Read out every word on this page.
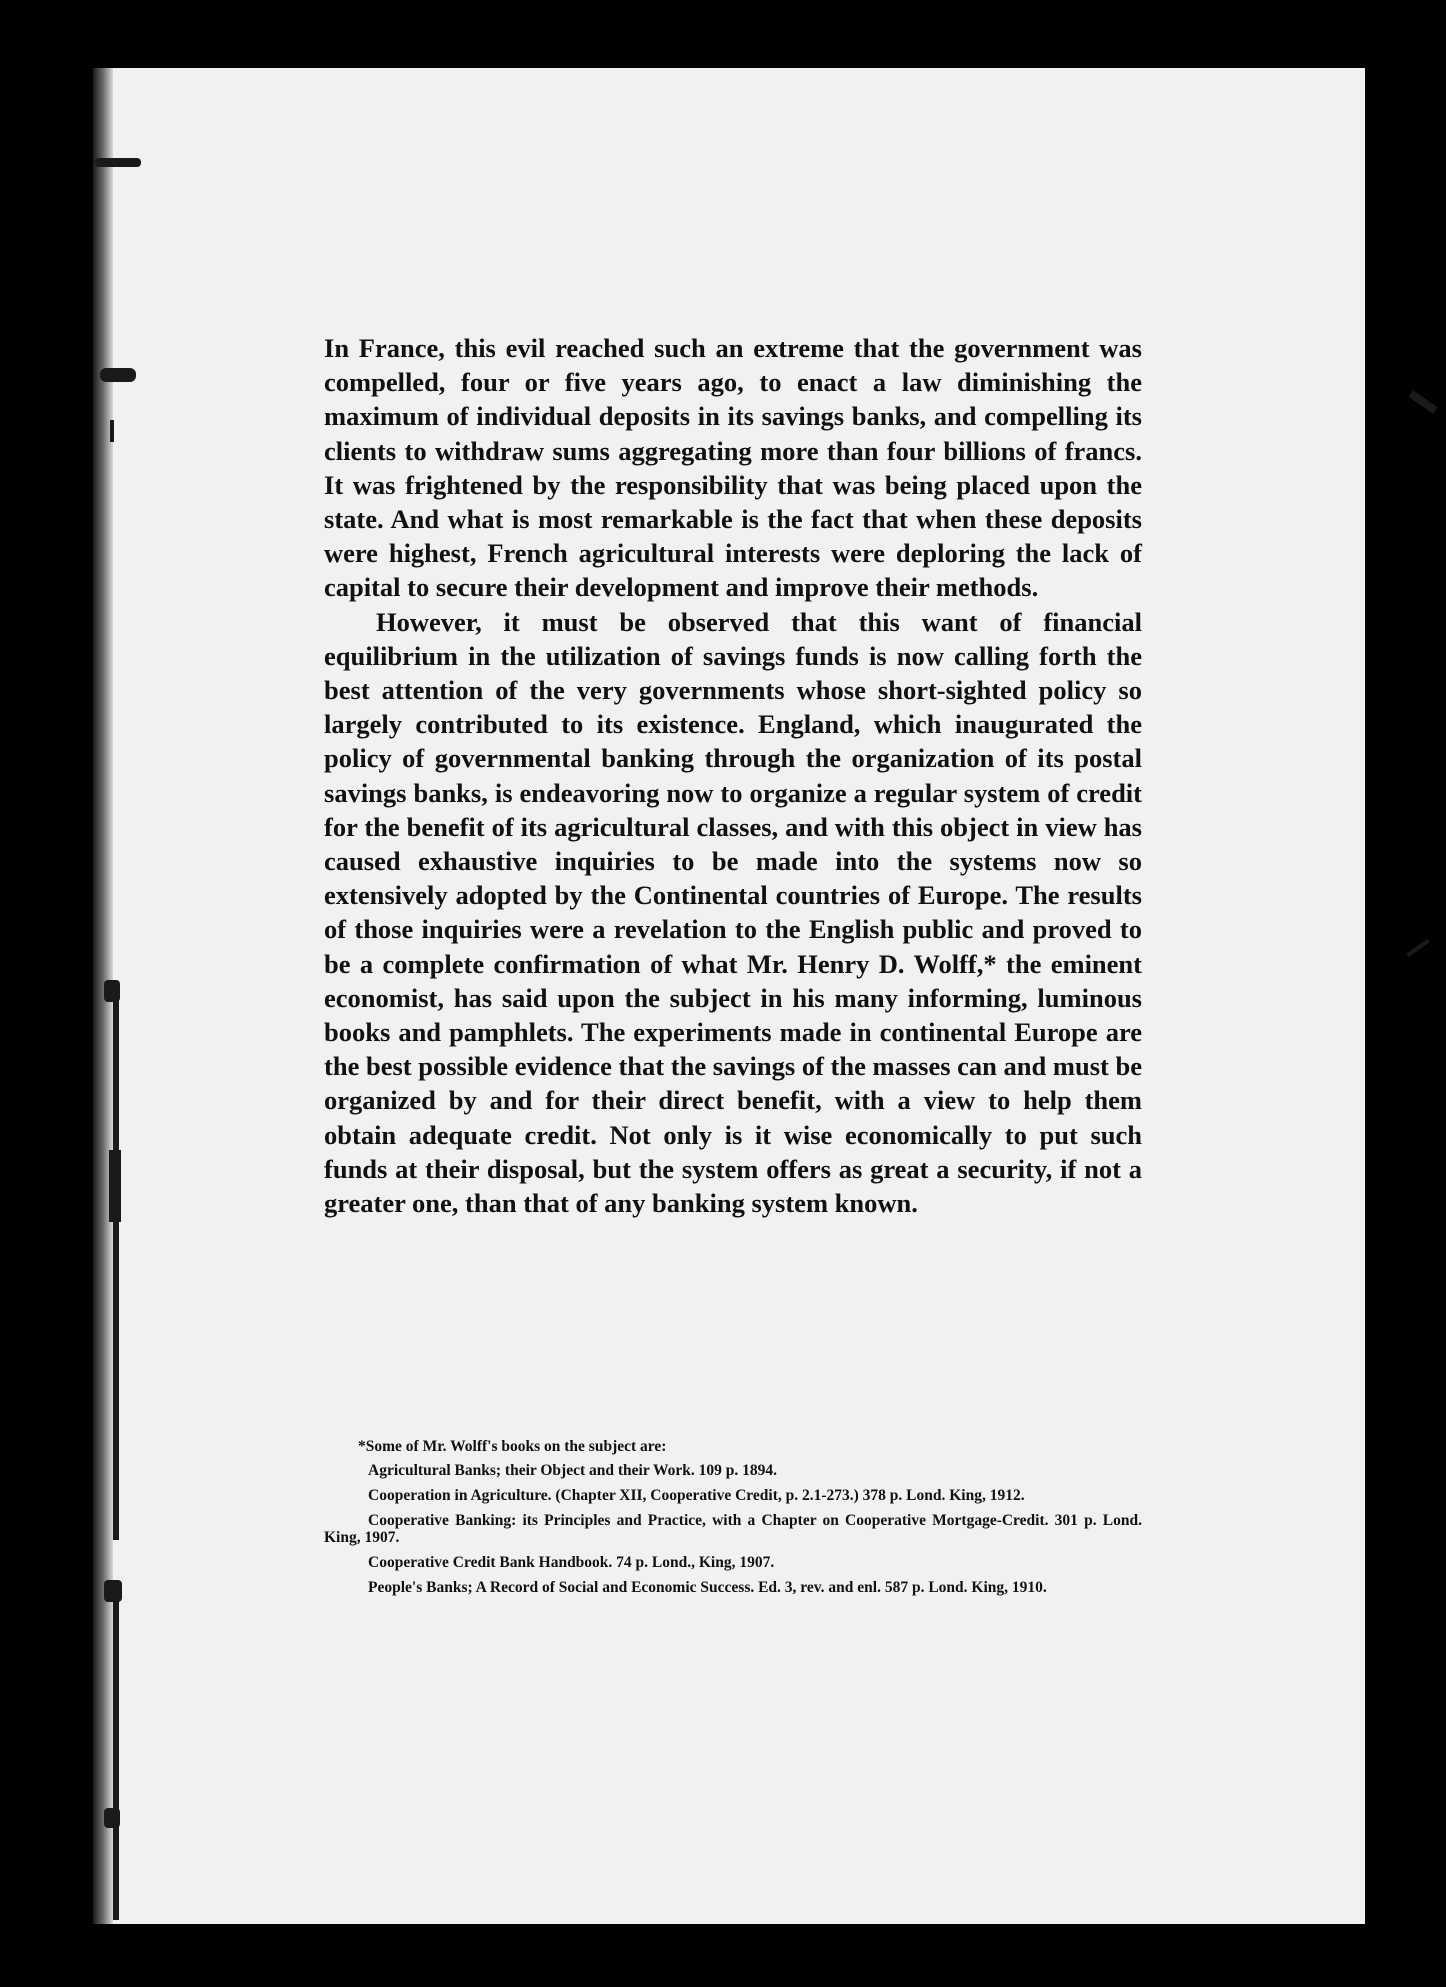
In France, this evil reached such an extreme that the government was compelled, four or five years ago, to enact a law diminishing the maximum of individual deposits in its savings banks, and compelling its clients to withdraw sums aggregating more than four billions of francs. It was frightened by the responsibility that was being placed upon the state. And what is most remarkable is the fact that when these deposits were highest, French agricultural interests were deploring the lack of capital to secure their development and improve their methods.

However, it must be observed that this want of financial equilibrium in the utilization of savings funds is now calling forth the best attention of the very governments whose short-sighted policy so largely contributed to its existence. England, which inaugurated the policy of governmental banking through the organization of its postal savings banks, is endeavoring now to organize a regular system of credit for the benefit of its agricultural classes, and with this object in view has caused exhaustive inquiries to be made into the systems now so extensively adopted by the Continental countries of Europe. The results of those inquiries were a revelation to the English public and proved to be a complete confirmation of what Mr. Henry D. Wolff,* the eminent economist, has said upon the subject in his many informing, luminous books and pamphlets. The experiments made in continental Europe are the best possible evidence that the savings of the masses can and must be organized by and for their direct benefit, with a view to help them obtain adequate credit. Not only is it wise economically to put such funds at their disposal, but the system offers as great a security, if not a greater one, than that of any banking system known.

*Some of Mr. Wolff's books on the subject are:

Agricultural Banks; their Object and their Work. 109 p. 1894.

Cooperation in Agriculture. (Chapter XII, Cooperative Credit, p. 2.1-273.) 378 p. Lond. King, 1912.

Cooperative Banking: its Principles and Practice, with a Chapter on Cooperative Mortgage-Credit. 301 p. Lond. King, 1907.

Cooperative Credit Bank Handbook. 74 p. Lond., King, 1907.

People's Banks; A Record of Social and Economic Success. Ed. 3, rev. and enl. 587 p. Lond. King, 1910.
